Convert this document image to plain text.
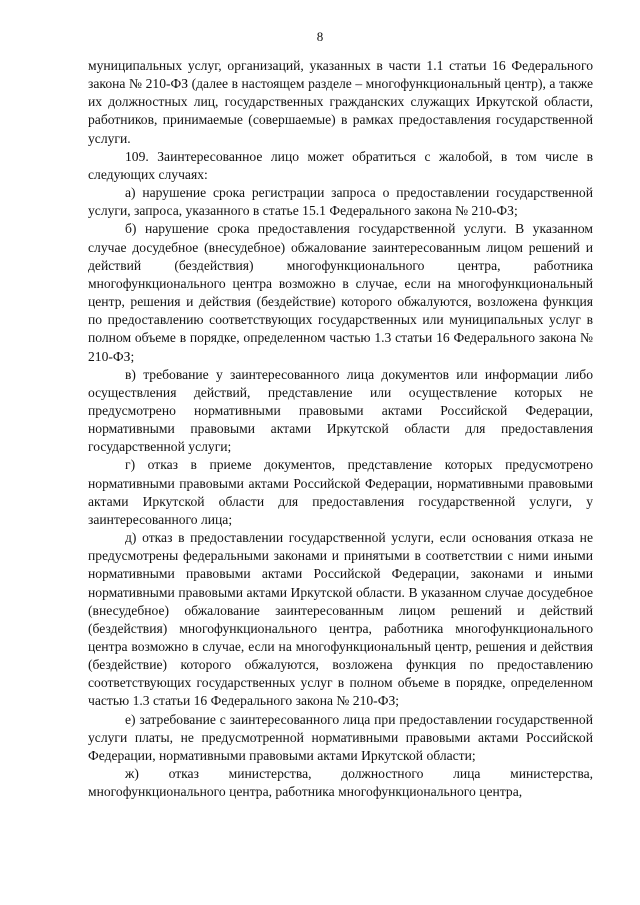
8

муниципальных услуг, организаций, указанных в части 1.1 статьи 16 Федерального закона № 210-ФЗ (далее в настоящем разделе – многофункциональный центр), а также их должностных лиц, государственных гражданских служащих Иркутской области, работников, принимаемые (совершаемые) в рамках предоставления государственной услуги.

109. Заинтересованное лицо может обратиться с жалобой, в том числе в следующих случаях:

а) нарушение срока регистрации запроса о предоставлении государственной услуги, запроса, указанного в статье 15.1 Федерального закона № 210-ФЗ;

б) нарушение срока предоставления государственной услуги. В указанном случае досудебное (внесудебное) обжалование заинтересованным лицом решений и действий (бездействия) многофункционального центра, работника многофункционального центра возможно в случае, если на многофункциональный центр, решения и действия (бездействие) которого обжалуются, возложена функция по предоставлению соответствующих государственных или муниципальных услуг в полном объеме в порядке, определенном частью 1.3 статьи 16 Федерального закона № 210-ФЗ;

в) требование у заинтересованного лица документов или информации либо осуществления действий, представление или осуществление которых не предусмотрено нормативными правовыми актами Российской Федерации, нормативными правовыми актами Иркутской области для предоставления государственной услуги;

г) отказ в приеме документов, представление которых предусмотрено нормативными правовыми актами Российской Федерации, нормативными правовыми актами Иркутской области для предоставления государственной услуги, у заинтересованного лица;

д) отказ в предоставлении государственной услуги, если основания отказа не предусмотрены федеральными законами и принятыми в соответствии с ними иными нормативными правовыми актами Российской Федерации, законами и иными нормативными правовыми актами Иркутской области. В указанном случае досудебное (внесудебное) обжалование заинтересованным лицом решений и действий (бездействия) многофункционального центра, работника многофункционального центра возможно в случае, если на многофункциональный центр, решения и действия (бездействие) которого обжалуются, возложена функция по предоставлению соответствующих государственных услуг в полном объеме в порядке, определенном частью 1.3 статьи 16 Федерального закона № 210-ФЗ;

е) затребование с заинтересованного лица при предоставлении государственной услуги платы, не предусмотренной нормативными правовыми актами Российской Федерации, нормативными правовыми актами Иркутской области;

ж) отказ министерства, должностного лица министерства, многофункционального центра, работника многофункционального центра,
